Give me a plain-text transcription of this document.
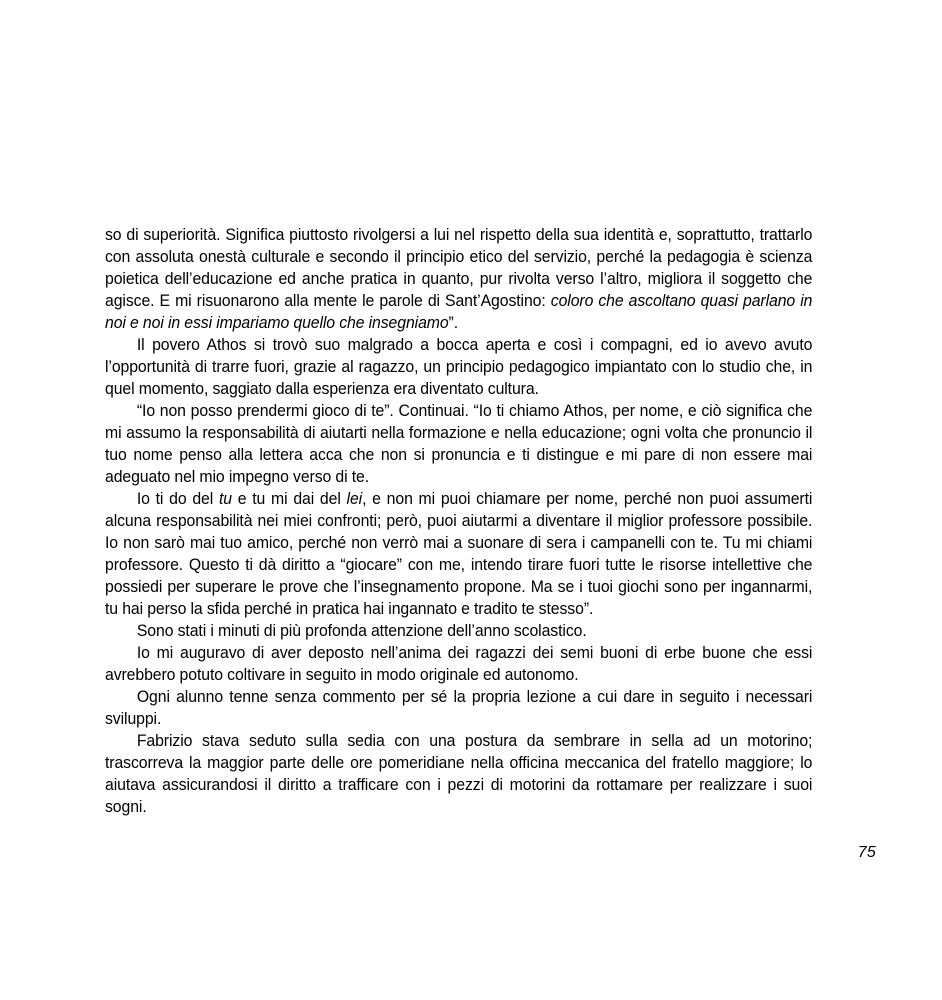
so di superiorità. Significa piuttosto rivolgersi a lui nel rispetto della sua identità e, soprattutto, trattarlo con assoluta onestà culturale e secondo il principio etico del servizio, perché la pedagogia è scienza poietica dell’educazione ed anche pratica in quanto, pur rivolta verso l’altro, migliora il soggetto che agisce. E mi risuonarono alla mente le parole di Sant’Agostino: coloro che ascoltano quasi parlano in noi e noi in essi impariamo quello che insegniamo”.

Il povero Athos si trovò suo malgrado a bocca aperta e così i compagni, ed io avevo avuto l’opportunità di trarre fuori, grazie al ragazzo, un principio pedagogico impiantato con lo studio che, in quel momento, saggiato dalla esperienza era diventato cultura.

“Io non posso prendermi gioco di te”. Continuai. “Io ti chiamo Athos, per nome, e ciò significa che mi assumo la responsabilità di aiutarti nella formazione e nella educazione; ogni volta che pronuncio il tuo nome penso alla lettera acca che non si pronuncia e ti distingue e mi pare di non essere mai adeguato nel mio impegno verso di te.

Io ti do del tu e tu mi dai del lei, e non mi puoi chiamare per nome, perché non puoi assumerti alcuna responsabilità nei miei confronti; però, puoi aiutarmi a diventare il miglior professore possibile. Io non sarò mai tuo amico, perché non verrò mai a suonare di sera i campanelli con te. Tu mi chiami professore. Questo ti dà diritto a “giocare” con me, intendo tirare fuori tutte le risorse intellettive che possiedi per superare le prove che l’insegnamento propone. Ma se i tuoi giochi sono per ingannarmi, tu hai perso la sfida perché in pratica hai ingannato e tradito te stesso”.

Sono stati i minuti di più profonda attenzione dell’anno scolastico.

Io mi auguravo di aver deposto nell’anima dei ragazzi dei semi buoni di erbe buone che essi avrebbero potuto coltivare in seguito in modo originale ed autonomo.

Ogni alunno tenne senza commento per sé la propria lezione a cui dare in seguito i necessari sviluppi.

Fabrizio stava seduto sulla sedia con una postura da sembrare in sella ad un motorino; trascorreva la maggior parte delle ore pomeridiane nella officina meccanica del fratello maggiore; lo aiutava assicurandosi il diritto a trafficare con i pezzi di motorini da rottamare per realizzare i suoi sogni.

75
